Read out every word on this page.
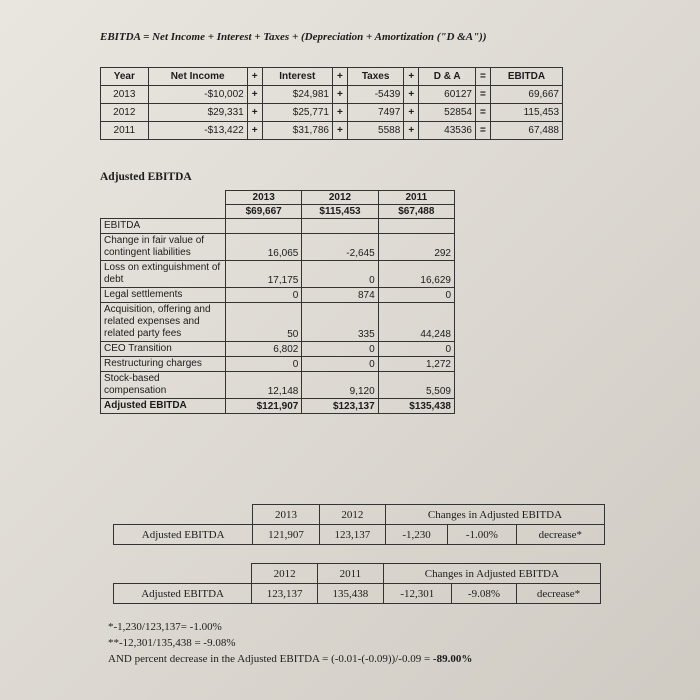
EBITDA = Net Income + Interest + Taxes + (Depreciation + Amortization ("D &A"))
Year	Net Income	+	Interest	+	Taxes	+	D & A	=	EBITDA
2013	-$10,002	+	$24,981	+	-5439	+	60127	=	69,667
2012	$29,331	+	$25,771	+	7497	+	52854	=	115,453
2011	-$13,422	+	$31,786	+	5588	+	43536	=	67,488
Adjusted EBITDA
	2013	2012	2011
	$69,667	$115,453	$67,488
EBITDA			
Change in fair value of contingent liabilities	16,065	-2,645	292
Loss on extinguishment of debt	17,175	0	16,629
Legal settlements	0	874	0
Acquisition, offering and related expenses and related party fees	50	335	44,248
CEO Transition	6,802	0	0
Restructuring charges	0	0	1,272
Stock-based compensation	12,148	9,120	5,509
Adjusted EBITDA	$121,907	$123,137	$135,438
	2013	2012	Changes in Adjusted EBITDA		
Adjusted EBITDA	121,907	123,137	-1,230	-1.00%	decrease*
	2012	2011	Changes in Adjusted EBITDA		
Adjusted EBITDA	123,137	135,438	-12,301	-9.08%	decrease*
*-1,230/123,137= -1.00%
**-12,301/135,438 = -9.08%
AND percent decrease in the Adjusted EBITDA = (-0.01-(-0.09))/-0.09 = -89.00%
